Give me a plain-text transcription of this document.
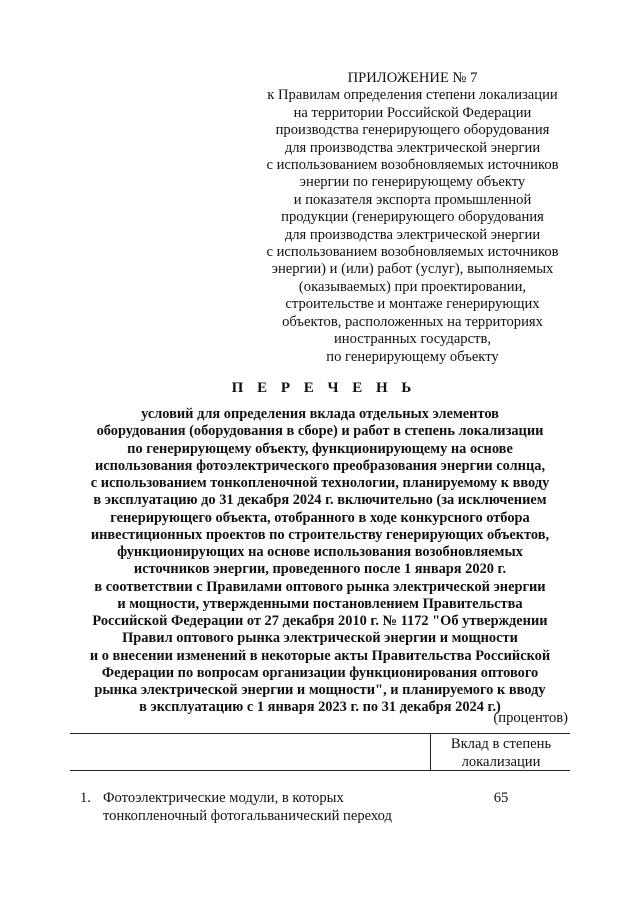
ПРИЛОЖЕНИЕ № 7
к Правилам определения степени локализации
на территории Российской Федерации
производства генерирующего оборудования
для производства электрической энергии
с использованием возобновляемых источников
энергии по генерирующему объекту
и показателя экспорта промышленной
продукции (генерирующего оборудования
для производства электрической энергии
с использованием возобновляемых источников
энергии) и (или) работ (услуг), выполняемых
(оказываемых) при проектировании,
строительстве и монтаже генерирующих
объектов, расположенных на территориях
иностранных государств,
по генерирующему объекту
П Е Р Е Ч Е Н Ь
условий для определения вклада отдельных элементов
оборудования (оборудования в сборе) и работ в степень локализации
по генерирующему объекту, функционирующему на основе
использования фотоэлектрического преобразования энергии солнца,
с использованием тонкопленочной технологии, планируемому к вводу
в эксплуатацию до 31 декабря 2024 г. включительно (за исключением
генерирующего объекта, отобранного в ходе конкурсного отбора
инвестиционных проектов по строительству генерирующих объектов,
функционирующих на основе использования возобновляемых
источников энергии, проведенного после 1 января 2020 г.
в соответствии с Правилами оптового рынка электрической энергии
и мощности, утвержденными постановлением Правительства
Российской Федерации от 27 декабря 2010 г. № 1172 "Об утверждении
Правил оптового рынка электрической энергии и мощности
и о внесении изменений в некоторые акты Правительства Российской
Федерации по вопросам организации функционирования оптового
рынка электрической энергии и мощности", и планируемого к вводу
в эксплуатацию с 1 января 2023 г. по 31 декабря 2024 г.)
(процентов)
Вклад в степень
локализации
1. Фотоэлектрические модули, в которых
тонкопленочный фотогальванический переход
65
